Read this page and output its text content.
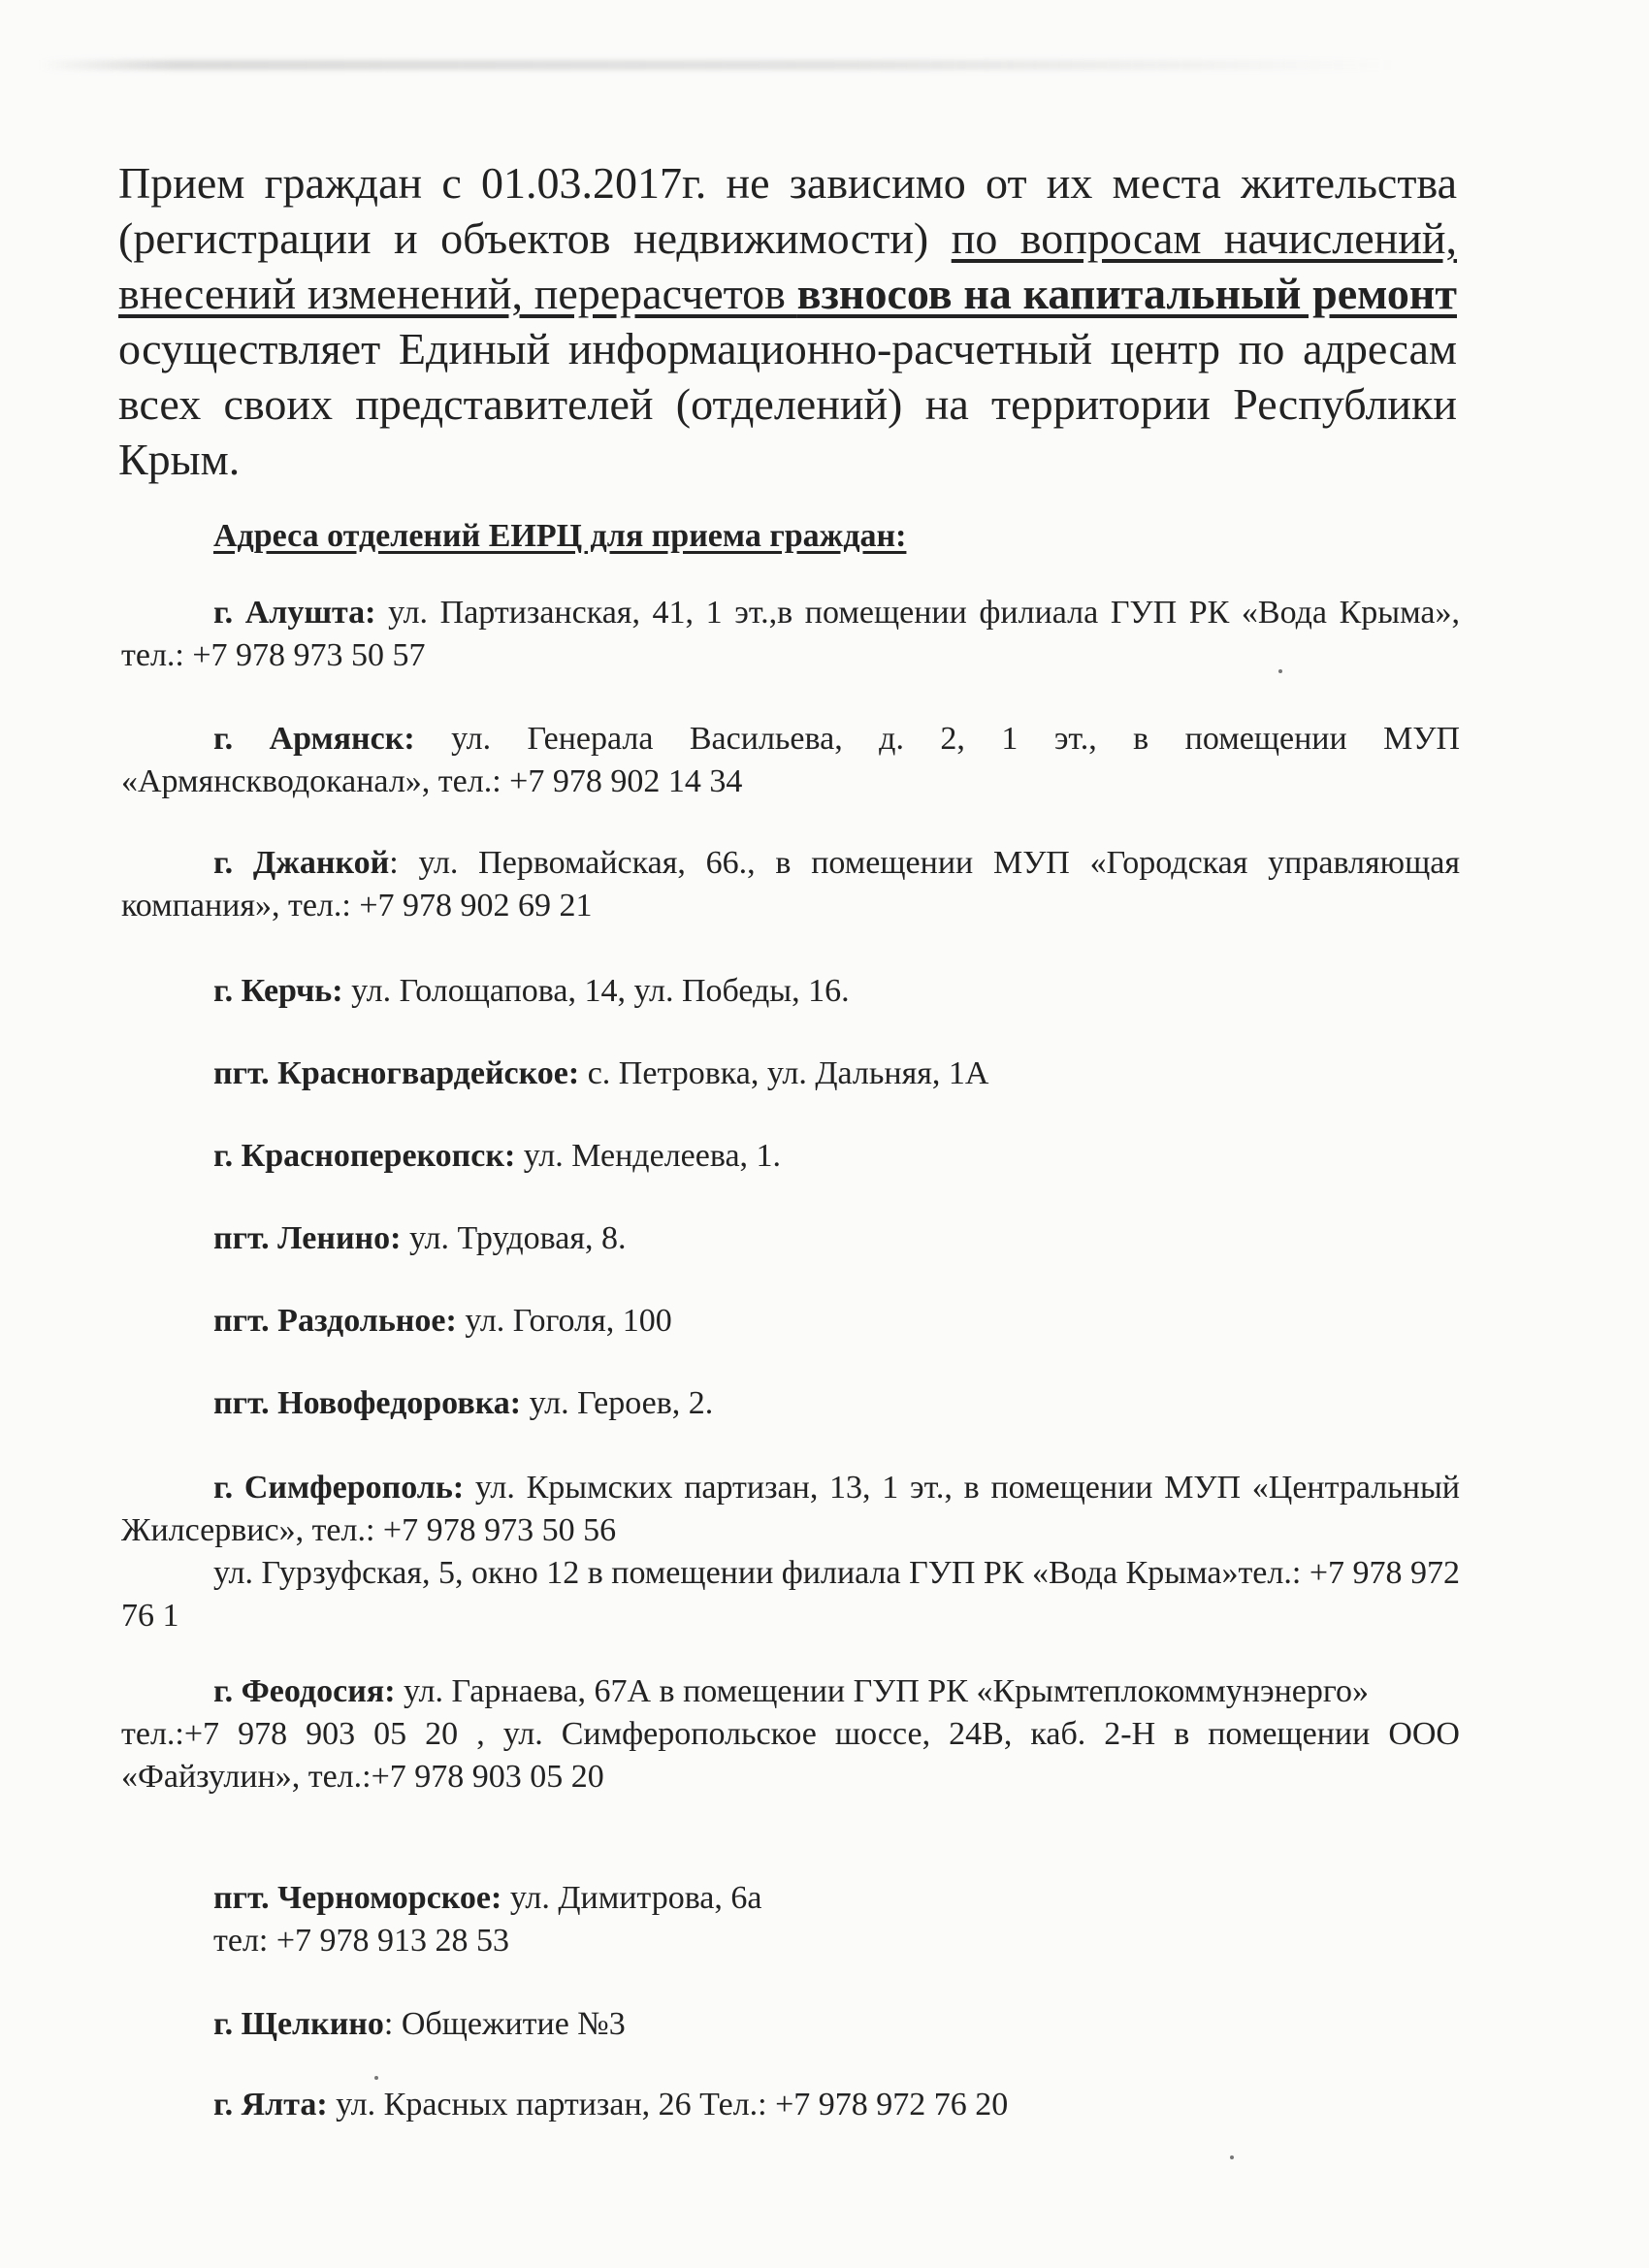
Прием граждан с 01.03.2017г. не зависимо от их места жительства (регистрации и объектов недвижимости) по вопросам начислений, внесений изменений, перерасчетов взносов на капитальный ремонт осуществляет Единый информационно-расчетный центр по адресам всех своих представителей (отделений) на территории Республики Крым.
Адреса отделений ЕИРЦ для приема граждан:
г. Алушта: ул. Партизанская, 41, 1 эт.,в помещении филиала ГУП РК «Вода Крыма», тел.: +7 978 973 50 57
г. Армянск: ул. Генерала Васильева, д. 2, 1 эт., в помещении МУП «Армянскводоканал», тел.: +7 978 902 14 34
г. Джанкой: ул. Первомайская, 66., в помещении МУП «Городская управляющая компания», тел.: +7 978 902 69 21
г. Керчь: ул. Голощапова, 14, ул. Победы, 16.
пгт. Красногвардейское: с. Петровка, ул. Дальняя, 1А
г. Красноперекопск: ул. Менделеева, 1.
пгт. Ленино: ул. Трудовая, 8.
пгт. Раздольное: ул. Гоголя, 100
пгт. Новофедоровка: ул. Героев, 2.
г. Симферополь: ул. Крымских партизан, 13, 1 эт., в помещении МУП «Центральный Жилсервис», тел.: +7 978 973 50 56
ул. Гурзуфская, 5, окно 12 в помещении филиала ГУП РК «Вода Крыма»тел.: +7 978 972 76 1
г. Феодосия: ул. Гарнаева, 67А в помещении ГУП РК «Крымтеплокоммунэнерго»
тел.:+7 978 903 05 20 , ул. Симферопольское шоссе, 24В, каб. 2-Н в помещении ООО «Файзулин», тел.:+7 978 903 05 20
пгт. Черноморское: ул. Димитрова, 6а
тел: +7 978 913 28 53
г. Щелкино: Общежитие №3
г. Ялта: ул. Красных партизан, 26 Тел.: +7 978 972 76 20
